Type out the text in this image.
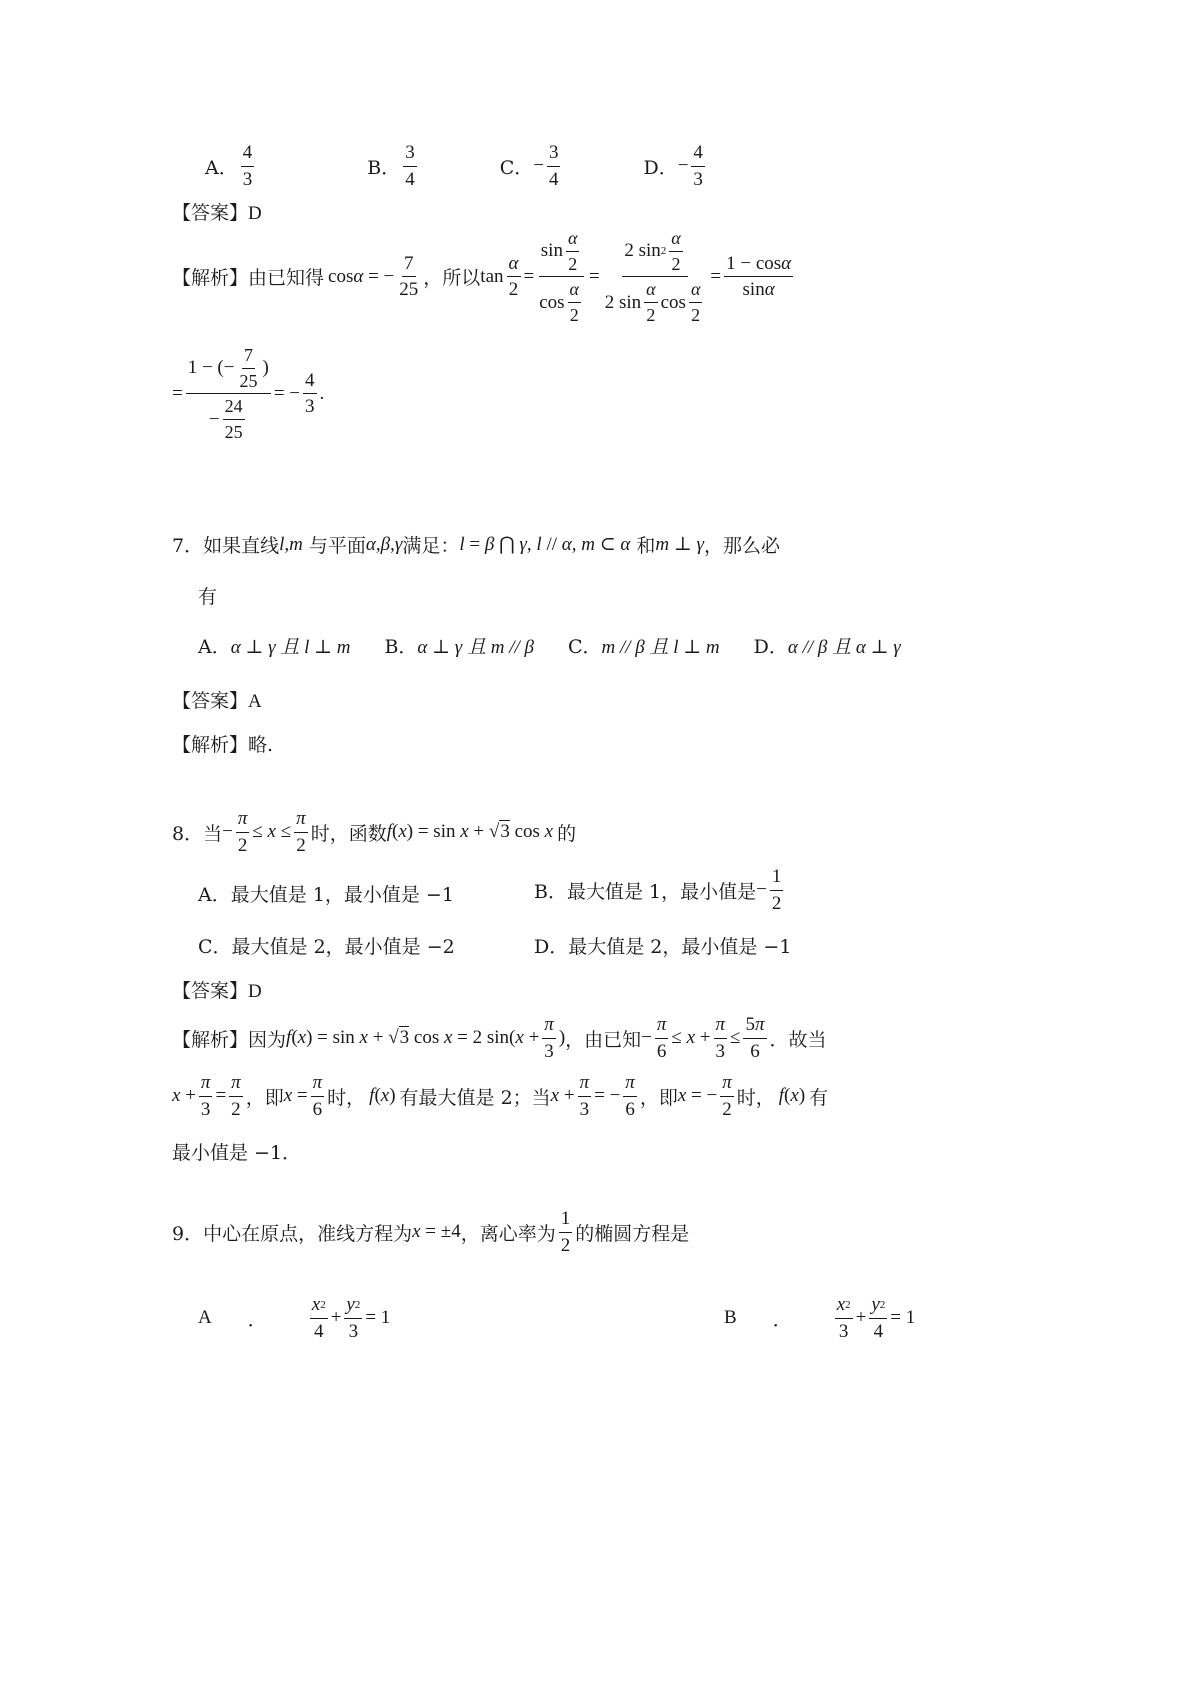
A． $\frac{4}{3}$	B． $\frac{3}{4}$	C． − $\frac{3}{4}$	D． − $\frac{4}{3}$
【答案】D
【解析】 由已知得 cosα = − $\frac{7}{25}$ ，所以 $\tan \frac{\alpha}{2} = \frac{\sin \frac{\alpha}{2}}{\cos \frac{\alpha}{2}} = \frac{2 \sin 2 \frac{\alpha}{2}}{2 \sin \frac{\alpha}{2} \cos \frac{\alpha}{2}} = \frac{\text{1 − cos α}}{\text{sin α}}$
= $\frac{1 - (- \frac{7}{25} )}{- \frac{24}{25}}$ = − $\frac{4}{3}$ .
7． 如果直线 l , m 与平面 α , β , γ 满足： l = β ⋂ γ, l // α, m ⊂ α 和 m ⊥ γ ，那么必
有
A．α ⊥ γ 且 l ⊥ m B．α ⊥ γ 且 m // β C．m // β 且 l ⊥ m D．α // β 且 α ⊥ γ
【答案】A
【解析】略.
8． 当 − $\frac{\pi}{2} \le x \le \frac{\pi}{2}$ 时，函数 f(x) = sin x + √3 cos x 的
A． 最大值是 1，最小值是 −1	B． 最大值是 1，最小值是 − $\frac{1}{2}$
C． 最大值是 2，最小值是 −2	D． 最大值是 2，最小值是 −1
【答案】D
【解析】 因为 f(x) = sin x + √3 cos x = 2 $\sin(x + \frac{\pi}{3}$ ) ，由已知 − $\frac{\pi}{6} \le x + \frac{\pi}{3} \le \frac{5 \pi}{6}$ ．故当
$x + \frac{\pi}{3} = \frac{\pi}{2}$ ，即 $x = \frac{\pi}{6}$ 时， f(x) 有最大值是 2；当 $x + \frac{\pi}{3}$ = − $\frac{\pi}{6}$ ，即 x = − $\frac{\pi}{2}$ 时， f(x) 有
最小值是 −1．
9． 中心在原点，准线方程为 x = ±4 ，离心率为 $\frac{1}{2}$ 的椭圆方程是
A ． $\frac{x 2}{4} + \frac{y 2}{3} = 1$	B ． $\frac{x 2}{3} + \frac{y 2}{4} = 1$
